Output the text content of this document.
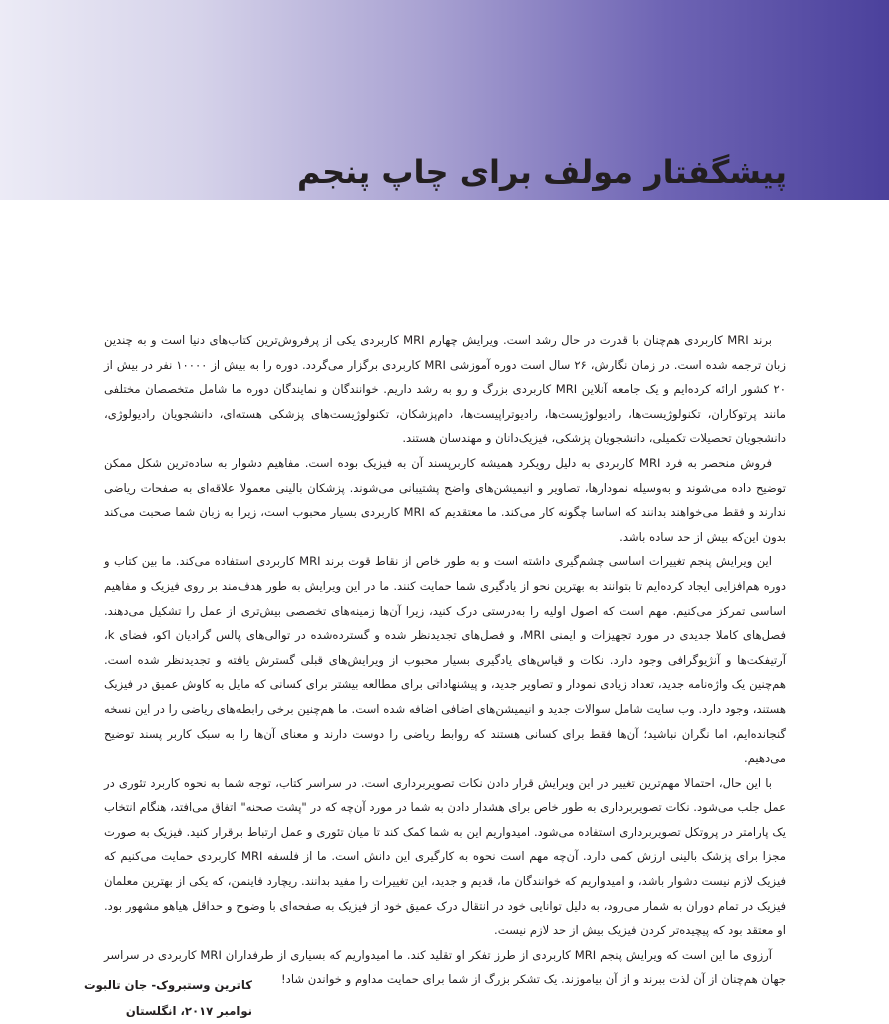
پیشگفتار مولف برای چاپ پنجم

برند MRI کاربردی هم‌چنان با قدرت در حال رشد است. ویرایش چهارم MRI کاربردی یکی از پرفروش‌ترین کتاب‌های دنیا است و به چندین زبان ترجمه شده است. در زمان نگارش، ۲۶ سال است دوره آموزشی MRI کاربردی برگزار می‌گردد. دوره را به بیش از ۱۰۰۰۰ نفر در بیش از ۲۰ کشور ارائه کرده‌ایم و یک جامعه آنلاین MRI کاربردی بزرگ و رو به رشد داریم. خوانندگان و نمایندگان دوره ما شامل متخصصان مختلفی مانند پرتوکاران، تکنولوژیست‌ها، رادیولوژیست‌ها، رادیوتراپیست‌ها، دام‌پزشکان، تکنولوژیست‌های پزشکی هسته‌ای، دانشجویان رادیولوژی، دانشجویان تحصیلات تکمیلی، دانشجویان پزشکی، فیزیک‌دانان و مهندسان هستند.

فروش منحصر به فرد MRI کاربردی به دلیل رویکرد همیشه کاربرپسند آن به فیزیک بوده است. مفاهیم دشوار به ساده‌ترین شکل ممکن توضیح داده می‌شوند و به‌وسیله نمودارها، تصاویر و انیمیشن‌های واضح پشتیبانی می‌شوند. پزشکان بالینی معمولا علاقه‌ای به صفحات ریاضی ندارند و فقط می‌خواهند بدانند که اساسا چگونه کار می‌کند. ما معتقدیم که MRI کاربردی بسیار محبوب است، زیرا به زبان شما صحبت می‌کند بدون این‌که بیش از حد ساده باشد.

این ویرایش پنجم تغییرات اساسی چشم‌گیری داشته است و به طور خاص از نقاط قوت برند MRI کاربردی استفاده می‌کند. ما بین کتاب و دوره هم‌افزایی ایجاد کرده‌ایم تا بتوانند به بهترین نحو از یادگیری شما حمایت کنند. ما در این ویرایش به طور هدف‌مند بر روی فیزیک و مفاهیم اساسی تمرکز می‌کنیم. مهم است که اصول اولیه را به‌درستی درک کنید، زیرا آن‌ها زمینه‌های تخصصی بیش‌تری از عمل را تشکیل می‌دهند. فصل‌های کاملا جدیدی در مورد تجهیزات و ایمنی MRI، و فصل‌های تجدیدنظر شده و گسترده‌شده در توالی‌های پالس گرادیان اکو، فضای k، آرتیفکت‌ها و آنژیوگرافی وجود دارد. نکات و قیاس‌های یادگیری بسیار محبوب از ویرایش‌های قبلی گسترش یافته و تجدیدنظر شده است. هم‌چنین یک واژه‌نامه جدید، تعداد زیادی نمودار و تصاویر جدید، و پیشنهاداتی برای مطالعه بیشتر برای کسانی که مایل به کاوش عمیق در فیزیک هستند، وجود دارد. وب سایت شامل سوالات جدید و انیمیشن‌های اضافی اضافه شده است. ما هم‌چنین برخی رابطه‌های ریاضی را در این نسخه گنجانده‌ایم، اما نگران نباشید؛ آن‌ها فقط برای کسانی هستند که روابط ریاضی را دوست دارند و معنای آن‌ها را به سبک کاربر پسند توضیح می‌دهیم.

با این حال، احتمالا مهم‌ترین تغییر در این ویرایش قرار دادن نکات تصویربرداری است. در سراسر کتاب، توجه شما به نحوه کاربرد تئوری در عمل جلب می‌شود. نکات تصویربرداری به طور خاص برای هشدار دادن به شما در مورد آن‌چه که در "پشت صحنه" اتفاق می‌افتد، هنگام انتخاب یک پارامتر در پروتکل تصویربرداری استفاده می‌شود. امیدواریم این به شما کمک کند تا میان تئوری و عمل ارتباط برقرار کنید. فیزیک به صورت مجزا برای پزشک بالینی ارزش کمی دارد. آن‌چه مهم است نحوه به کارگیری این دانش است. ما از فلسفه MRI کاربردی حمایت می‌کنیم که فیزیک لازم نیست دشوار باشد، و امیدواریم که خوانندگان ما، قدیم و جدید، این تغییرات را مفید بدانند. ریچارد فاینمن، که یکی از بهترین معلمان فیزیک در تمام دوران به شمار می‌رود، به دلیل توانایی خود در انتقال درک عمیق خود از فیزیک به صفحه‌ای با وضوح و حداقل هیاهو مشهور بود. او معتقد بود که پیچیده‌تر کردن فیزیک بیش از حد لازم نیست.

آرزوی ما این است که ویرایش پنجم MRI کاربردی از طرز تفکر او تقلید کند. ما امیدواریم که بسیاری از طرفداران MRI کاربردی در سراسر جهان هم‌چنان از آن لذت ببرند و از آن بیاموزند. یک تشکر بزرگ از شما برای حمایت مداوم و خواندن شاد!

کاترین وستبروک- جان تالبوت
نوامبر ۲۰۱۷، انگلستان
